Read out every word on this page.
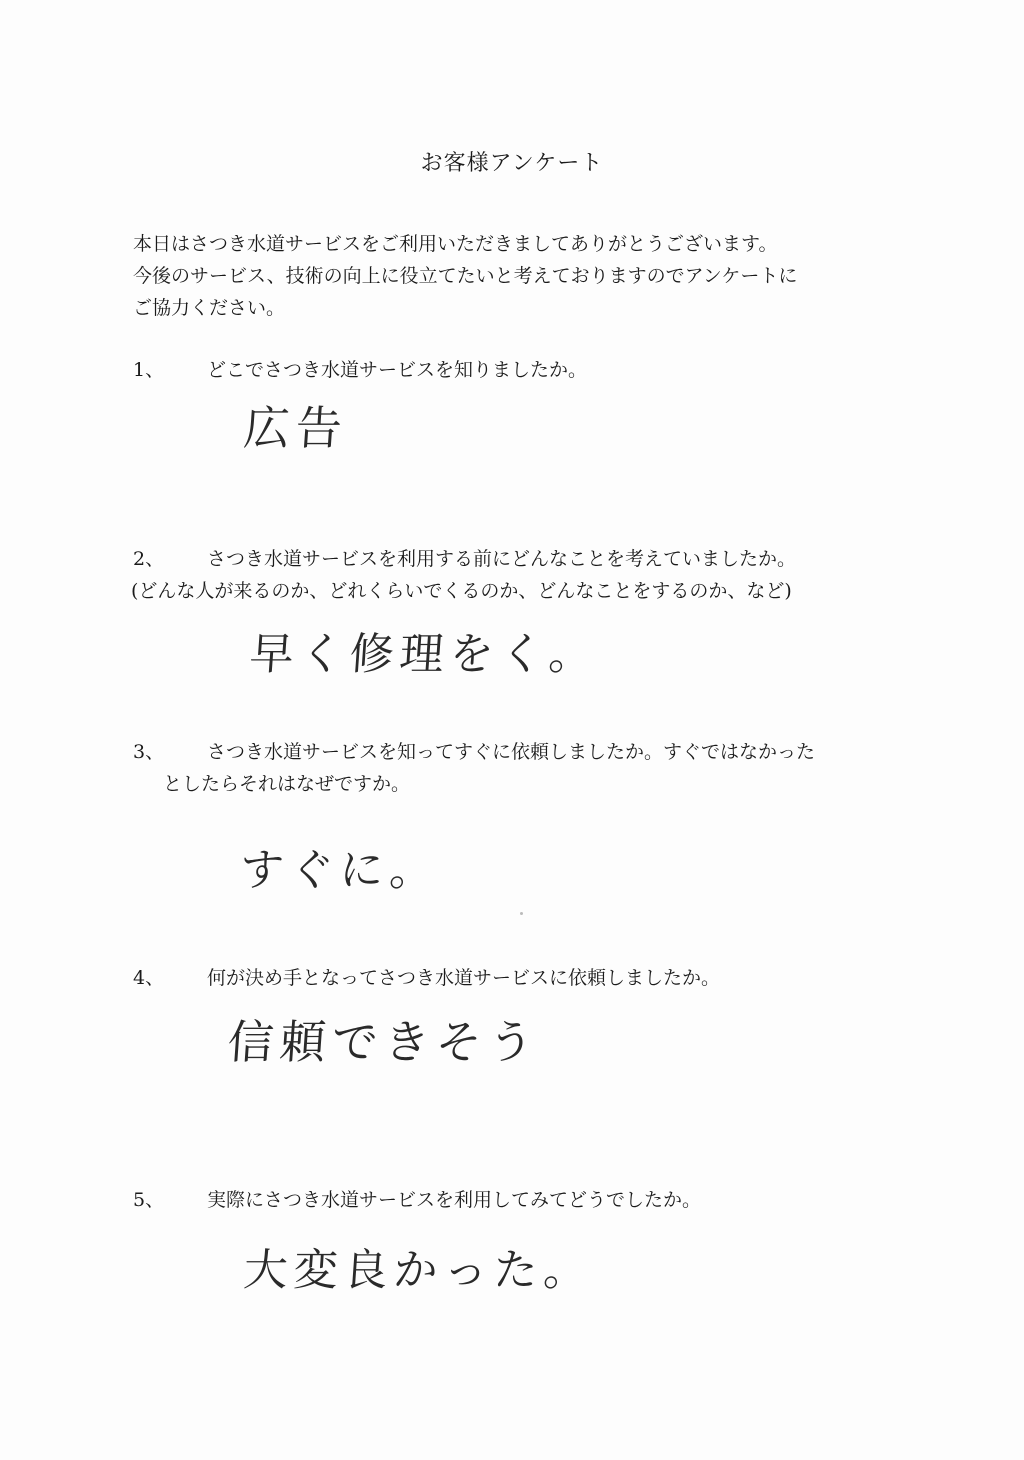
お客様アンケート

本日はさつき水道サービスをご利用いただきましてありがとうございます。

今後のサービス、技術の向上に役立てたいと考えておりますのでアンケートに

ご協力ください。

1、 どこでさつき水道サービスを知りましたか。
広告
2、 さつき水道サービスを利用する前にどんなことを考えていましたか。
(どんな人が来るのか、どれくらいでくるのか、どんなことをするのか、など)
早く修理をく。
3、 さつき水道サービスを知ってすぐに依頼しましたか。すぐではなかった
としたらそれはなぜですか。
すぐに。
4、 何が決め手となってさつき水道サービスに依頼しましたか。
信頼できそう
5、 実際にさつき水道サービスを利用してみてどうでしたか。
大変良かった。
